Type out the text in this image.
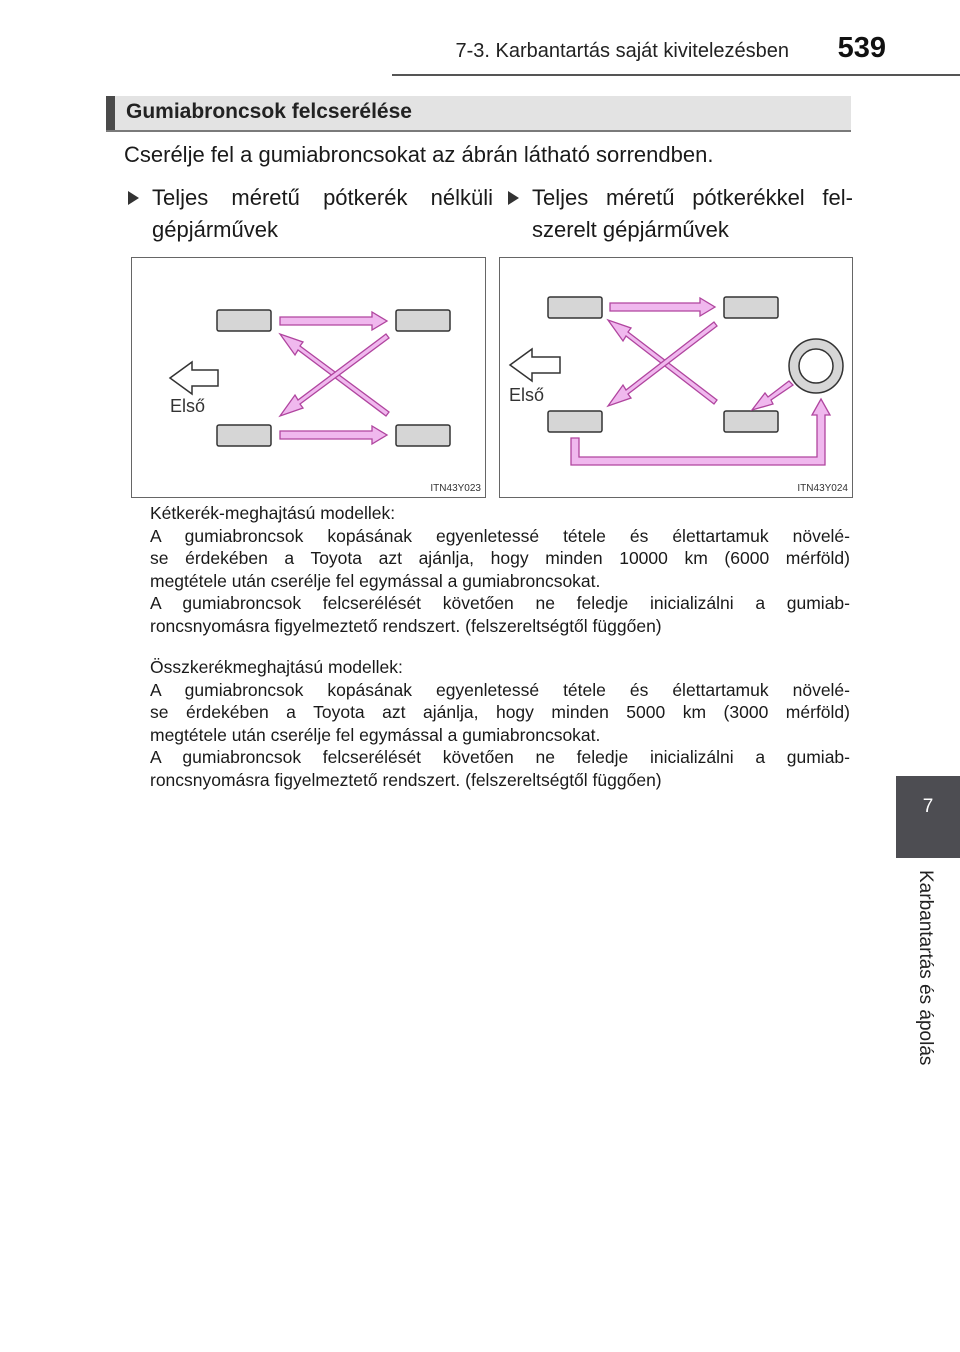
7-3. Karbantartás saját kivitelezésben	539
Gumiabroncsok felcserélése
Cserélje fel a gumiabroncsokat az ábrán látható sorrendben.
Teljes méretű pótkerék nélküli
gépjárművek
Teljes méretű pótkerékkel fel-
szerelt gépjárművek
Első
ITN43Y023
Első
ITN43Y024
Kétkerék-meghajtású modellek:
A gumiabroncsok kopásának egyenletessé tétele és élettartamuk növelé-
se érdekében a Toyota azt ajánlja, hogy minden 10000 km (6000 mérföld)
megtétele után cserélje fel egymással a gumiabroncsokat.
A gumiabroncsok felcserélését követően ne feledje inicializálni a gumiab-
roncsnyomásra figyelmeztető rendszert. (felszereltségtől függően)
Összkerékmeghajtású modellek:
A gumiabroncsok kopásának egyenletessé tétele és élettartamuk növelé-
se érdekében a Toyota azt ajánlja, hogy minden 5000 km (3000 mérföld)
megtétele után cserélje fel egymással a gumiabroncsokat.
A gumiabroncsok felcserélését követően ne feledje inicializálni a gumiab-
roncsnyomásra figyelmeztető rendszert. (felszereltségtől függően)
7
Karbantartás és ápolás
